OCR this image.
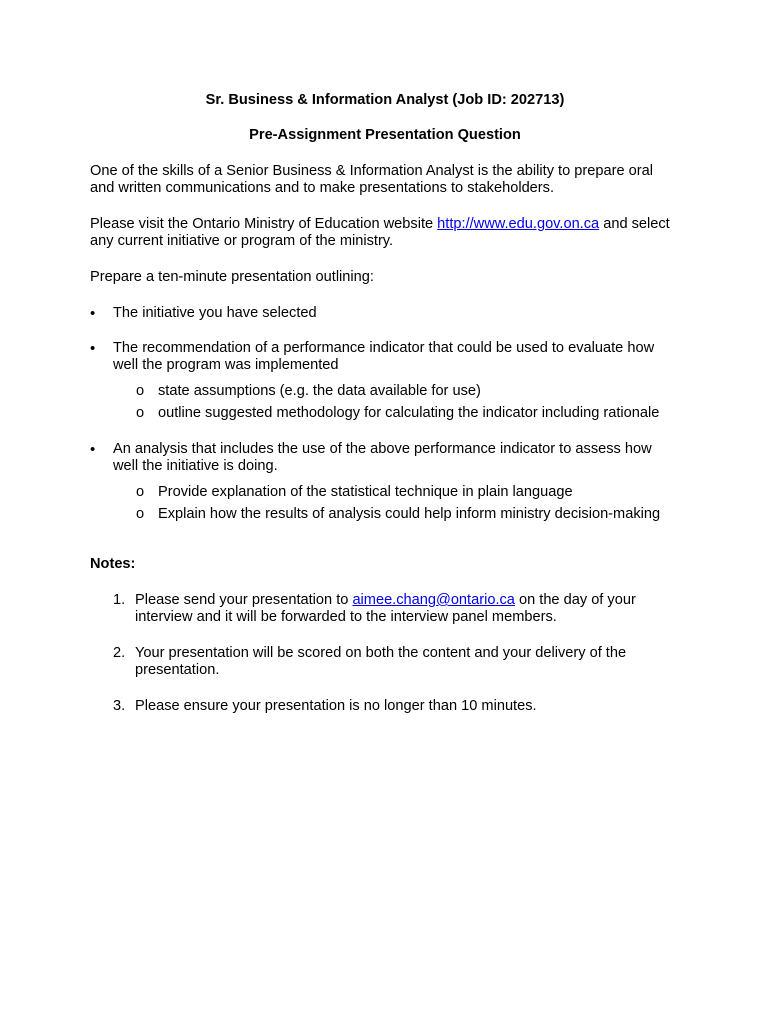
Sr. Business & Information Analyst (Job ID: 202713)
Pre-Assignment Presentation Question

One of the skills of a Senior Business & Information Analyst is the ability to prepare oral and written communications and to make presentations to stakeholders.

Please visit the Ontario Ministry of Education website http://www.edu.gov.on.ca and select any current initiative or program of the ministry.

Prepare a ten-minute presentation outlining:

• The initiative you have selected
• The recommendation of a performance indicator that could be used to evaluate how well the program was implemented
o state assumptions (e.g. the data available for use)
o outline suggested methodology for calculating the indicator including rationale
• An analysis that includes the use of the above performance indicator to assess how well the initiative is doing.
o Provide explanation of the statistical technique in plain language
o Explain how the results of analysis could help inform ministry decision-making
Notes:
1. Please send your presentation to aimee.chang@ontario.ca on the day of your interview and it will be forwarded to the interview panel members.
2. Your presentation will be scored on both the content and your delivery of the presentation.
3. Please ensure your presentation is no longer than 10 minutes.
